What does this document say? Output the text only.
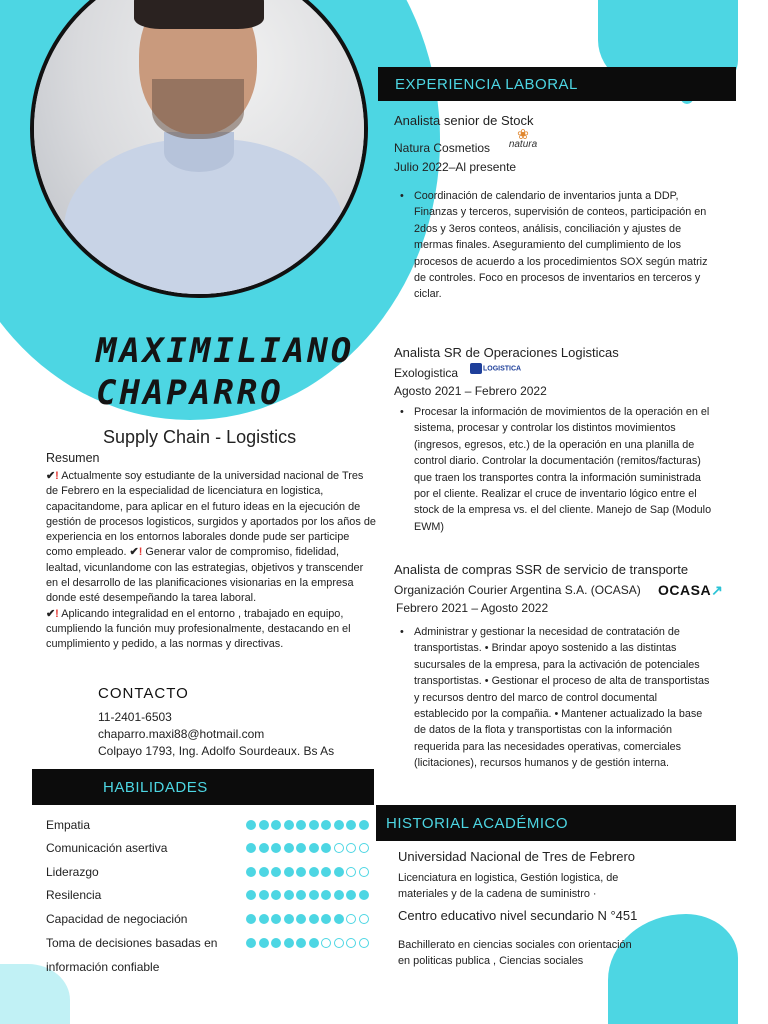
MAXIMILIANO
CHAPARRO
Supply Chain - Logistics
Resumen
✔! Actualmente soy estudiante de la universidad nacional de Tres de Febrero en la especialidad de licenciatura en logistica, capacitandome, para aplicar en el futuro ideas en la ejecución de gestión de procesos logisticos, surgidos y aportados por los años de experiencia en los entornos laborales donde pude ser participe como empleado. ✔! Generar valor de compromiso, fidelidad, lealtad, vicunlandome con las estrategias, objetivos y transcender en el desarrollo de las planificaciones visionarias en la empresa donde esté desempeñando la tarea laboral.
✔! Aplicando integralidad en el entorno , trabajado en equipo, cumpliendo la función muy profesionalmente, destacando en el cumplimiento y pedido, a las normas y directivas.
CONTACTO
11-2401-6503
chaparro.maxi88@hotmail.com
Colpayo 1793, Ing. Adolfo Sourdeaux. Bs As
HABILIDADES
Empatia
Comunicación asertiva
Liderazgo
Resilencia
Capacidad de negociación
Toma de decisiones basadas en
información confiable
EXPERIENCIA LABORAL
Analista senior de Stock
Natura Cosmetios
❀
natura
Julio 2022–Al presente
• Coordinación de calendario de inventarios junta a DDP, Finanzas y terceros, supervisión de conteos, participación en 2dos y 3eros conteos, análisis, conciliación y ajustes de mermas finales. Aseguramiento del cumplimiento de los procesos de acuerdo a los procedimientos SOX según matriz de controles. Foco en procesos de inventarios en terceros y ciclar.
Analista SR de Operaciones Logisticas
Exologistica	LOGISTICA
Agosto 2021 – Febrero 2022
• Procesar la información de movimientos de la operación en el sistema, procesar y controlar los distintos movimientos (ingresos, egresos, etc.) de la operación en una planilla de control diario. Controlar la documentación (remitos/facturas) que traen los transportes contra la información suministrada por el cliente. Realizar el cruce de inventario lógico entre el stock de la empresa vs. el del cliente. Manejo de Sap (Modulo EWM)
Analista de compras SSR de servicio de transporte
Organización Courier Argentina S.A. (OCASA) OCASA↗
Febrero 2021 – Agosto 2022
• Administrar y gestionar la necesidad de contratación de transportistas. • Brindar apoyo sostenido a las distintas sucursales de la empresa, para la activación de potenciales transportistas. • Gestionar el proceso de alta de transportistas y recursos dentro del marco de control documental establecido por la compañia. • Mantener actualizado la base de datos de la flota y transportistas con la información requerida para las necesidades operativas, comerciales (licitaciones), recursos humanos y de gestión interna.
HISTORIAL ACADÉMICO
Universidad Nacional de Tres de Febrero
Licenciatura en logistica, Gestión logistica, de materiales y de la cadena de suministro ·
Centro educativo nivel secundario N °451
Bachillerato en ciencias sociales con orientación en politicas publica , Ciencias sociales
